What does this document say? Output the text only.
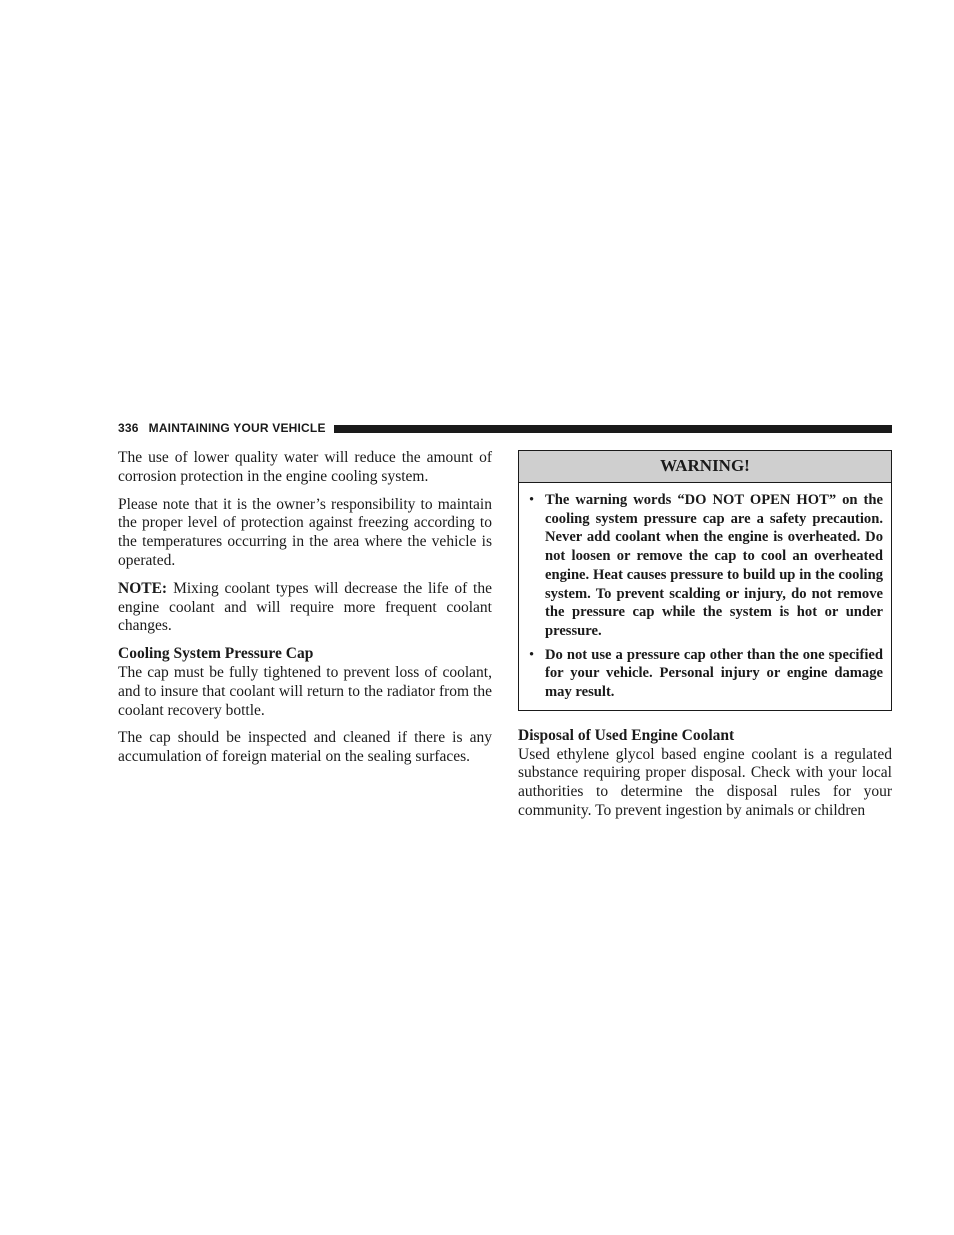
336 MAINTAINING YOUR VEHICLE

The use of lower quality water will reduce the amount of corrosion protection in the engine cooling system.

Please note that it is the owner’s responsibility to maintain the proper level of protection against freezing according to the temperatures occurring in the area where the vehicle is operated.

NOTE: Mixing coolant types will decrease the life of the engine coolant and will require more frequent coolant changes.

Cooling System Pressure Cap

The cap must be fully tightened to prevent loss of coolant, and to insure that coolant will return to the radiator from the coolant recovery bottle.

The cap should be inspected and cleaned if there is any accumulation of foreign material on the sealing surfaces.

WARNING!
• The warning words “DO NOT OPEN HOT” on the cooling system pressure cap are a safety precaution. Never add coolant when the engine is overheated. Do not loosen or remove the cap to cool an overheated engine. Heat causes pressure to build up in the cooling system. To prevent scalding or injury, do not remove the pressure cap while the system is hot or under pressure.
• Do not use a pressure cap other than the one specified for your vehicle. Personal injury or engine damage may result.
Disposal of Used Engine Coolant

Used ethylene glycol based engine coolant is a regulated substance requiring proper disposal. Check with your local authorities to determine the disposal rules for your community. To prevent ingestion by animals or children
